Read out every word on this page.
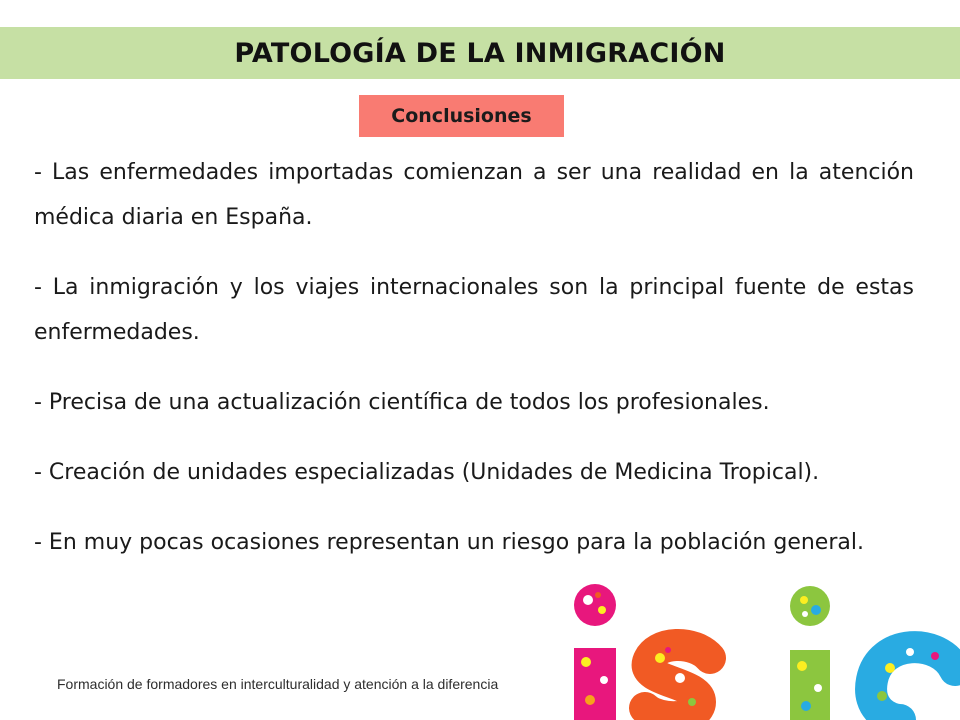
PATOLOGÍA DE LA INMIGRACIÓN
Conclusiones

- Las enfermedades importadas comienzan a ser una realidad en la atención médica diaria en España.

- La inmigración y los viajes internacionales son la principal fuente de estas enfermedades.

- Precisa de una actualización científica de todos los profesionales.

- Creación de unidades especializadas (Unidades de Medicina Tropical).

- En muy pocas ocasiones representan un riesgo para la población general.

Formación de formadores en interculturalidad y atención a la diferencia
